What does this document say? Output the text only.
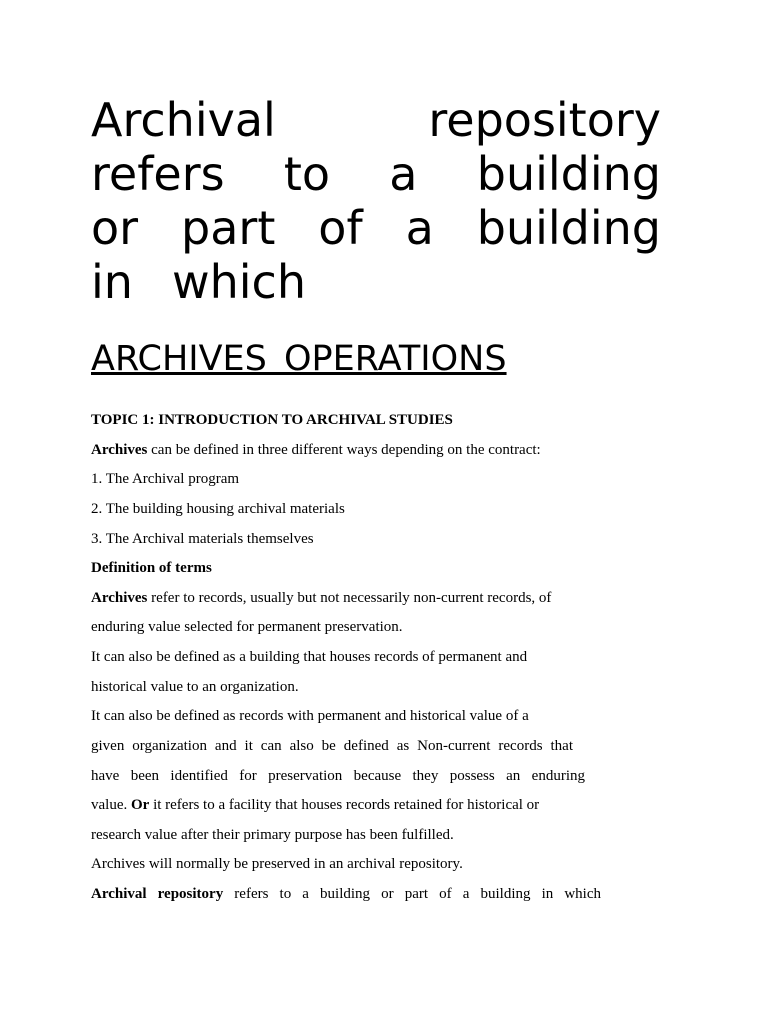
Archival repository
refers to a building
or part of a building
in which
ARCHIVES OPERATIONS

TOPIC 1: INTRODUCTION TO ARCHIVAL STUDIES

Archives can be defined in three different ways depending on the contract:

1. The Archival program

2. The building housing archival materials

3. The Archival materials themselves

Definition of terms

Archives refer to records, usually but not necessarily non-current records, of

enduring value selected for permanent preservation.

It can also be defined as a building that houses records of permanent and

historical value to an organization.

It can also be defined as records with permanent and historical value of a

given organization and it can also be defined as Non-current records that

have been identified for preservation because they possess an enduring

value. Or it refers to a facility that houses records retained for historical or

research value after their primary purpose has been fulfilled.

Archives will normally be preserved in an archival repository.

Archival repository refers to a building or part of a building in which
